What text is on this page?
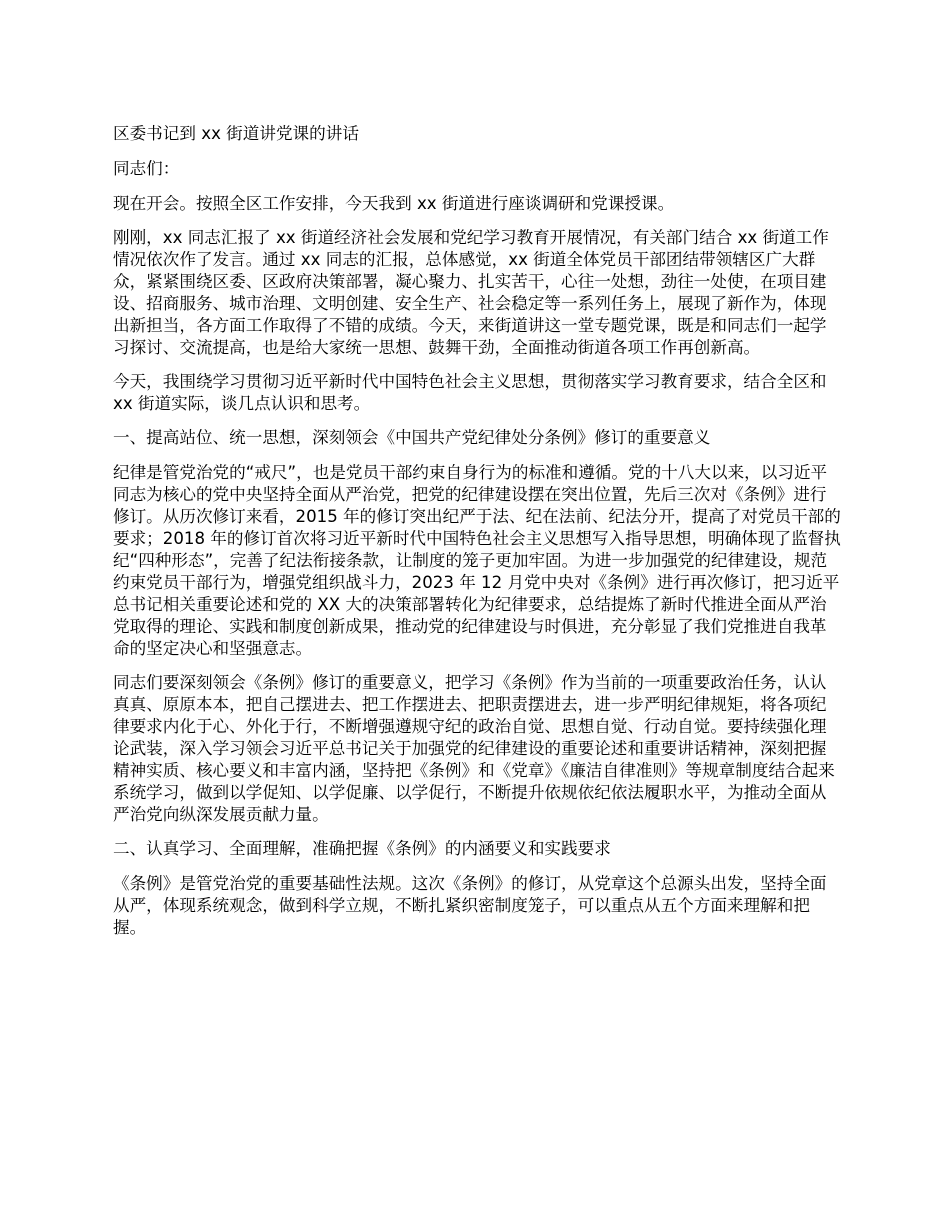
区委书记到 xx 街道讲党课的讲话

同志们：

现在开会。按照全区工作安排，今天我到 xx 街道进行座谈调研和党课授课。

刚刚，xx 同志汇报了 xx 街道经济社会发展和党纪学习教育开展情况，有关部门结合 xx 街道工作情况依次作了发言。通过 xx 同志的汇报，总体感觉，xx 街道全体党员干部团结带领辖区广大群众，紧紧围绕区委、区政府决策部署，凝心聚力、扎实苦干，心往一处想，劲往一处使，在项目建设、招商服务、城市治理、文明创建、安全生产、社会稳定等一系列任务上，展现了新作为，体现出新担当，各方面工作取得了不错的成绩。今天，来街道讲这一堂专题党课，既是和同志们一起学习探讨、交流提高，也是给大家统一思想、鼓舞干劲，全面推动街道各项工作再创新高。

今天，我围绕学习贯彻习近平新时代中国特色社会主义思想，贯彻落实学习教育要求，结合全区和 xx 街道实际，谈几点认识和思考。

一、提高站位、统一思想，深刻领会《中国共产党纪律处分条例》修订的重要意义

纪律是管党治党的“戒尺”，也是党员干部约束自身行为的标准和遵循。党的十八大以来，以习近平同志为核心的党中央坚持全面从严治党，把党的纪律建设摆在突出位置，先后三次对《条例》进行修订。从历次修订来看，2015 年的修订突出纪严于法、纪在法前、纪法分开，提高了对党员干部的要求；2018 年的修订首次将习近平新时代中国特色社会主义思想写入指导思想，明确体现了监督执纪“四种形态”，完善了纪法衔接条款，让制度的笼子更加牢固。为进一步加强党的纪律建设，规范约束党员干部行为，增强党组织战斗力，2023 年 12 月党中央对《条例》进行再次修订，把习近平总书记相关重要论述和党的 XX 大的决策部署转化为纪律要求，总结提炼了新时代推进全面从严治党取得的理论、实践和制度创新成果，推动党的纪律建设与时俱进，充分彰显了我们党推进自我革命的坚定决心和坚强意志。

同志们要深刻领会《条例》修订的重要意义，把学习《条例》作为当前的一项重要政治任务，认认真真、原原本本，把自己摆进去、把工作摆进去、把职责摆进去，进一步严明纪律规矩，将各项纪律要求内化于心、外化于行，不断增强遵规守纪的政治自觉、思想自觉、行动自觉。要持续强化理论武装，深入学习领会习近平总书记关于加强党的纪律建设的重要论述和重要讲话精神，深刻把握精神实质、核心要义和丰富内涵，坚持把《条例》和《党章》《廉洁自律准则》等规章制度结合起来系统学习，做到以学促知、以学促廉、以学促行，不断提升依规依纪依法履职水平，为推动全面从严治党向纵深发展贡献力量。

二、认真学习、全面理解，准确把握《条例》的内涵要义和实践要求

《条例》是管党治党的重要基础性法规。这次《条例》的修订，从党章这个总源头出发，坚持全面从严，体现系统观念，做到科学立规，不断扎紧织密制度笼子，可以重点从五个方面来理解和把握。
